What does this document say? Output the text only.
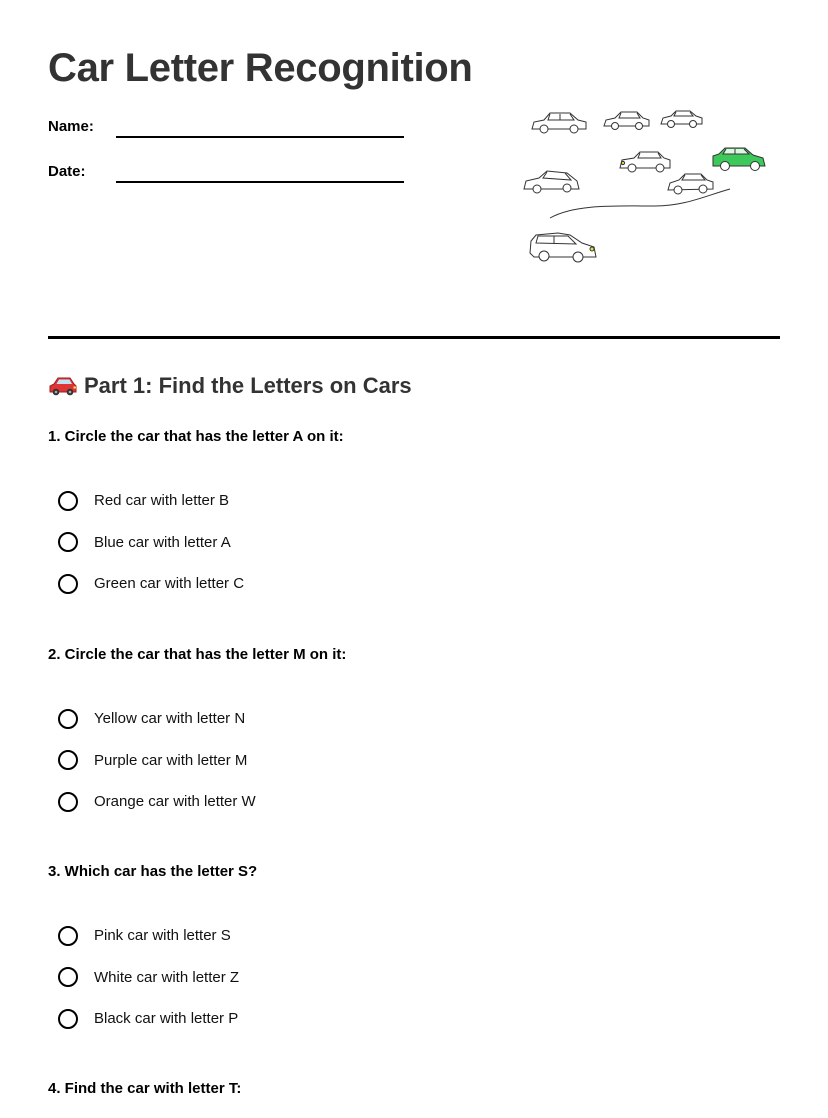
Car Letter Recognition
Name:
Date:
Part 1: Find the Letters on Cars

1. Circle the car that has the letter A on it:

Red car with letter B
Blue car with letter A
Green car with letter C

2. Circle the car that has the letter M on it:

Yellow car with letter N
Purple car with letter M
Orange car with letter W

3. Which car has the letter S?

Pink car with letter S
White car with letter Z
Black car with letter P

4. Find the car with letter T:
